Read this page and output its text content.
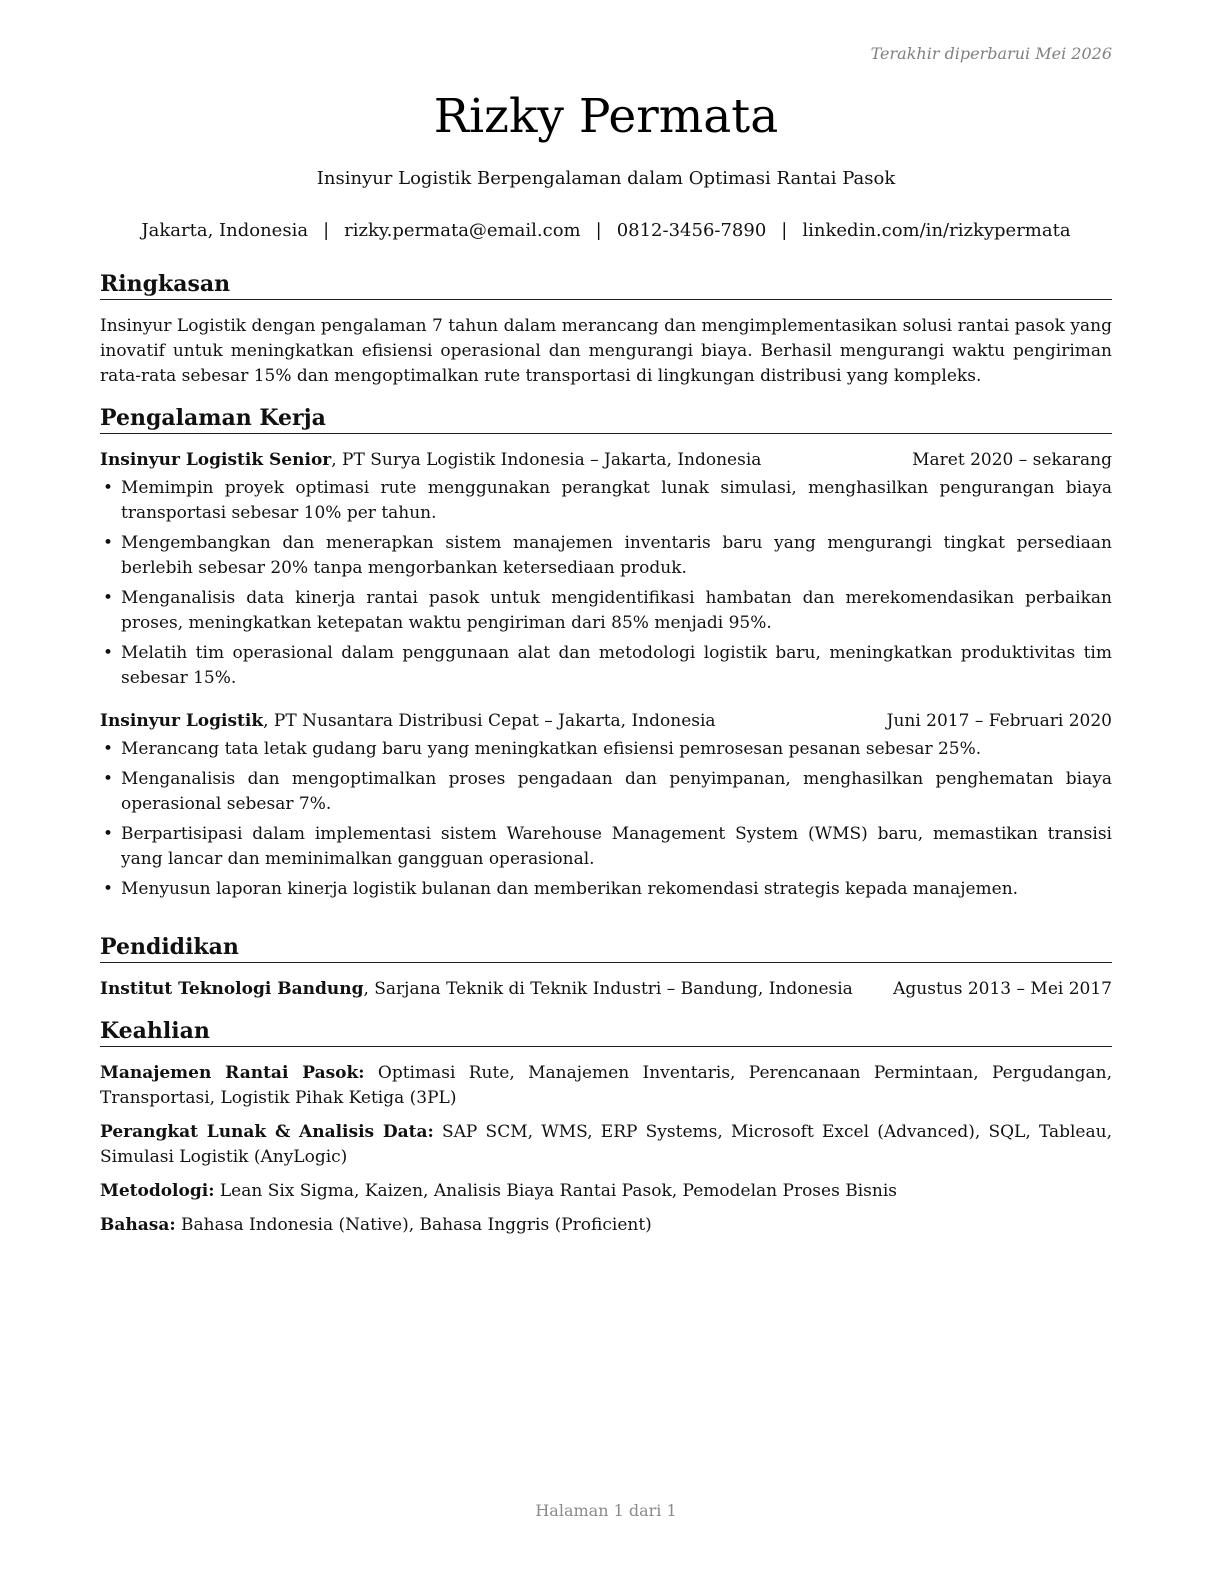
Terakhir diperbarui Mei 2026
Rizky Permata
Insinyur Logistik Berpengalaman dalam Optimasi Rantai Pasok
Jakarta, Indonesia | rizky.permata@email.com | 0812-3456-7890 | linkedin.com/in/rizkypermata
Ringkasan
Insinyur Logistik dengan pengalaman 7 tahun dalam merancang dan mengimplementasikan solusi rantai pasok yang inovatif untuk meningkatkan efisiensi operasional dan mengurangi biaya. Berhasil mengurangi waktu pengiriman rata-rata sebesar 15% dan mengoptimalkan rute transportasi di lingkungan distribusi yang kompleks.
Pengalaman Kerja
Insinyur Logistik Senior, PT Surya Logistik Indonesia – Jakarta, Indonesia	Maret 2020 – sekarang
• Memimpin proyek optimasi rute menggunakan perangkat lunak simulasi, menghasilkan pengurangan biaya transportasi sebesar 10% per tahun.
• Mengembangkan dan menerapkan sistem manajemen inventaris baru yang mengurangi tingkat persediaan berlebih sebesar 20% tanpa mengorbankan ketersediaan produk.
• Menganalisis data kinerja rantai pasok untuk mengidentifikasi hambatan dan merekomendasikan perbaikan proses, meningkatkan ketepatan waktu pengiriman dari 85% menjadi 95%.
• Melatih tim operasional dalam penggunaan alat dan metodologi logistik baru, meningkatkan produktivitas tim sebesar 15%.
Insinyur Logistik, PT Nusantara Distribusi Cepat – Jakarta, Indonesia	Juni 2017 – Februari 2020
• Merancang tata letak gudang baru yang meningkatkan efisiensi pemrosesan pesanan sebesar 25%.
• Menganalisis dan mengoptimalkan proses pengadaan dan penyimpanan, menghasilkan penghematan biaya operasional sebesar 7%.
• Berpartisipasi dalam implementasi sistem Warehouse Management System (WMS) baru, memastikan transisi yang lancar dan meminimalkan gangguan operasional.
• Menyusun laporan kinerja logistik bulanan dan memberikan rekomendasi strategis kepada manajemen.
Pendidikan
Institut Teknologi Bandung, Sarjana Teknik di Teknik Industri – Bandung, Indonesia Agustus 2013 – Mei 2017
Keahlian
Manajemen Rantai Pasok: Optimasi Rute, Manajemen Inventaris, Perencanaan Permintaan, Pergudangan, Transportasi, Logistik Pihak Ketiga (3PL)
Perangkat Lunak & Analisis Data: SAP SCM, WMS, ERP Systems, Microsoft Excel (Advanced), SQL, Tableau, Simulasi Logistik (AnyLogic)
Metodologi: Lean Six Sigma, Kaizen, Analisis Biaya Rantai Pasok, Pemodelan Proses Bisnis
Bahasa: Bahasa Indonesia (Native), Bahasa Inggris (Proficient)
Halaman 1 dari 1
